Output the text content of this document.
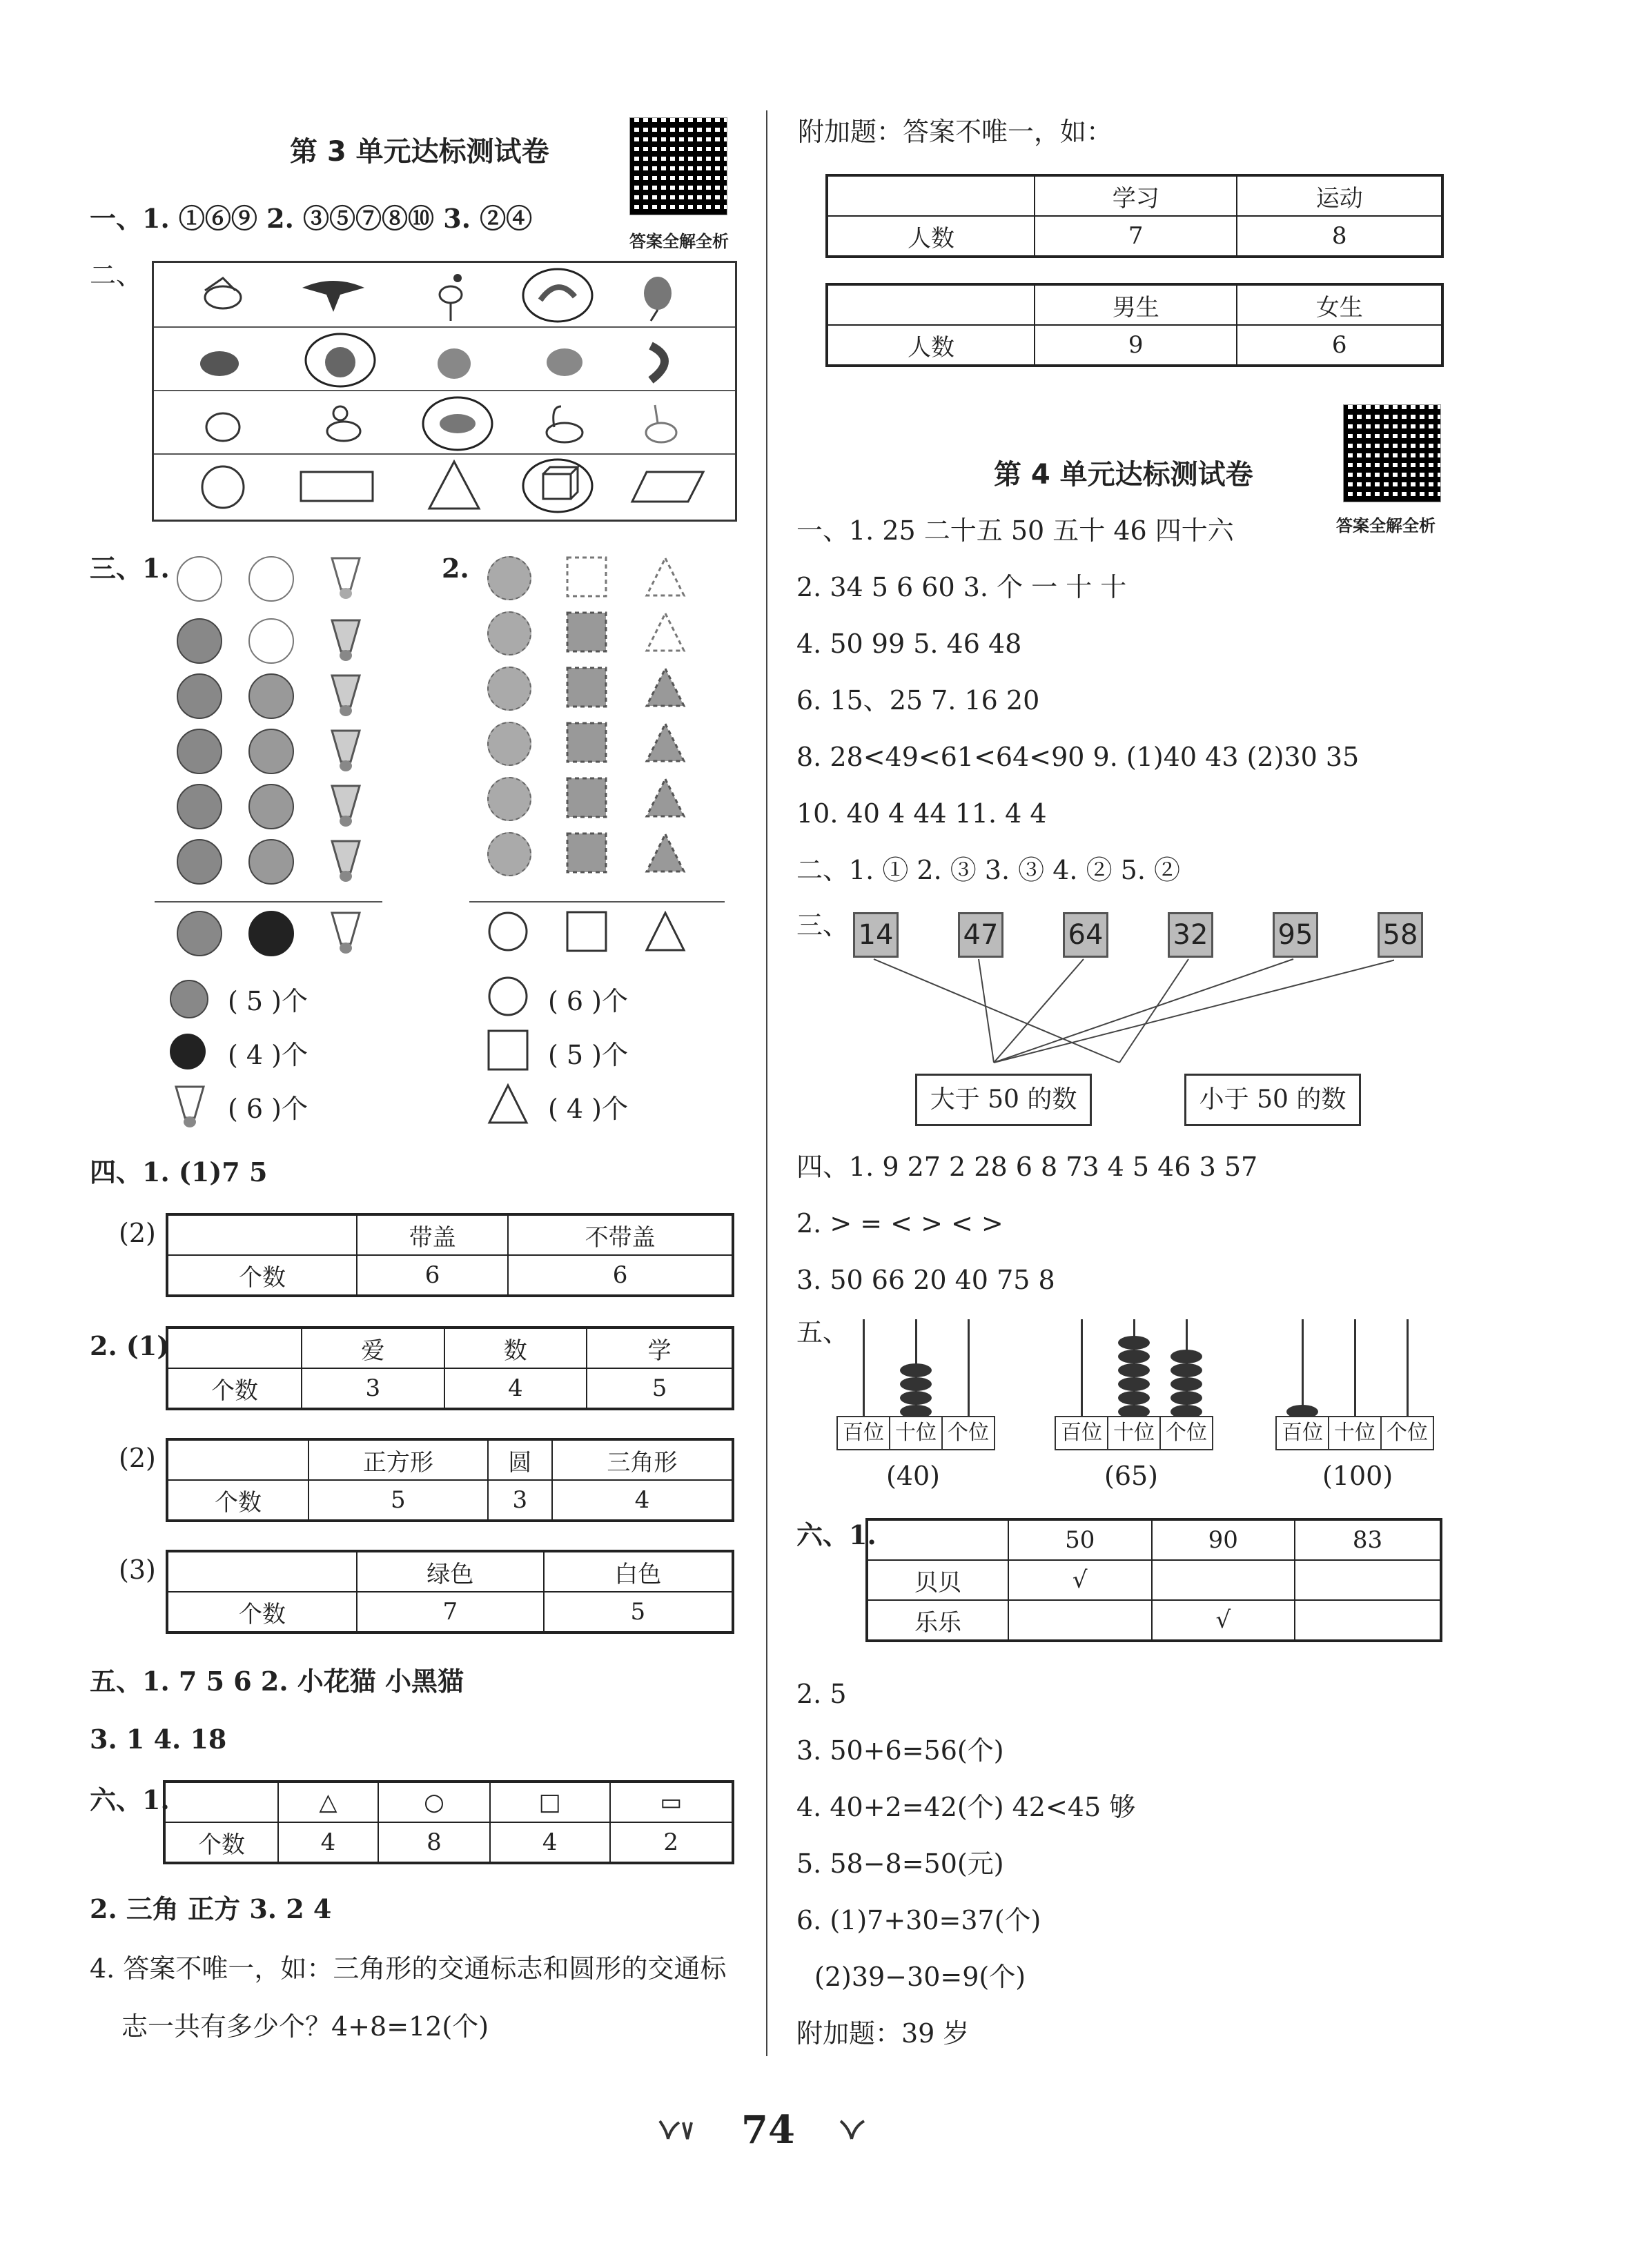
第 3 单元达标测试卷
答案全解全析
一、1. ①⑥⑨ 2. ③⑤⑦⑧⑩ 3. ②④
二、
三、1.	2.
( 5 )个
( 4 )个
( 6 )个
( 6 )个
( 5 )个
( 4 )个
四、1. (1)7 5
(2)
		带盖	不带盖
个数	6	6
2. (1)
		爱	数	学
个数	3	4	5
(2)
		正方形	圆	三角形
个数	5	3	4
(3)
		绿色	白色
个数	7	5
五、1. 7 5 6 2. 小花猫 小黑猫
3. 1 4. 18
六、1.
		△	○	□	▭
个数	4	8	4	2
2. 三角 正方 3. 2 4
4. 答案不唯一，如：三角形的交通标志和圆形的交通标
志一共有多少个？4+8=12(个)
附加题：答案不唯一，如：
	学习	运动
人数	7	8
	男生	女生
人数	9	6
第 4 单元达标测试卷
答案全解全析
一、1. 25 二十五 50 五十 46 四十六
2. 34 5 6 60 3. 个 一 十 十
4. 50 99 5. 46 48
6. 15、25 7. 16 20
8. 28<49<61<64<90 9. (1)40 43 (2)30 35
10. 40 4 44 11. 4 4
二、1. ① 2. ③ 3. ③ 4. ② 5. ②
三、 14	47	64	32	95	58
大于 50 的数	小于 50 的数
四、1. 9 27 2 28 6 8 73 4 5 46 3 57
2. > = < > < >
3. 50 66 20 40 75 8
五、
百位 十位 个位
(40)
百位 十位 个位
(65)
百位 十位 个位
(100)
六、1.
		50	90	83
贝贝	√		
乐乐		√	
2. 5
3. 50+6=56(个)
4. 40+2=42(个) 42<45 够
5. 58−8=50(元)
6. (1)7+30=37(个)
(2)39−30=9(个)
附加题：39 岁
74
